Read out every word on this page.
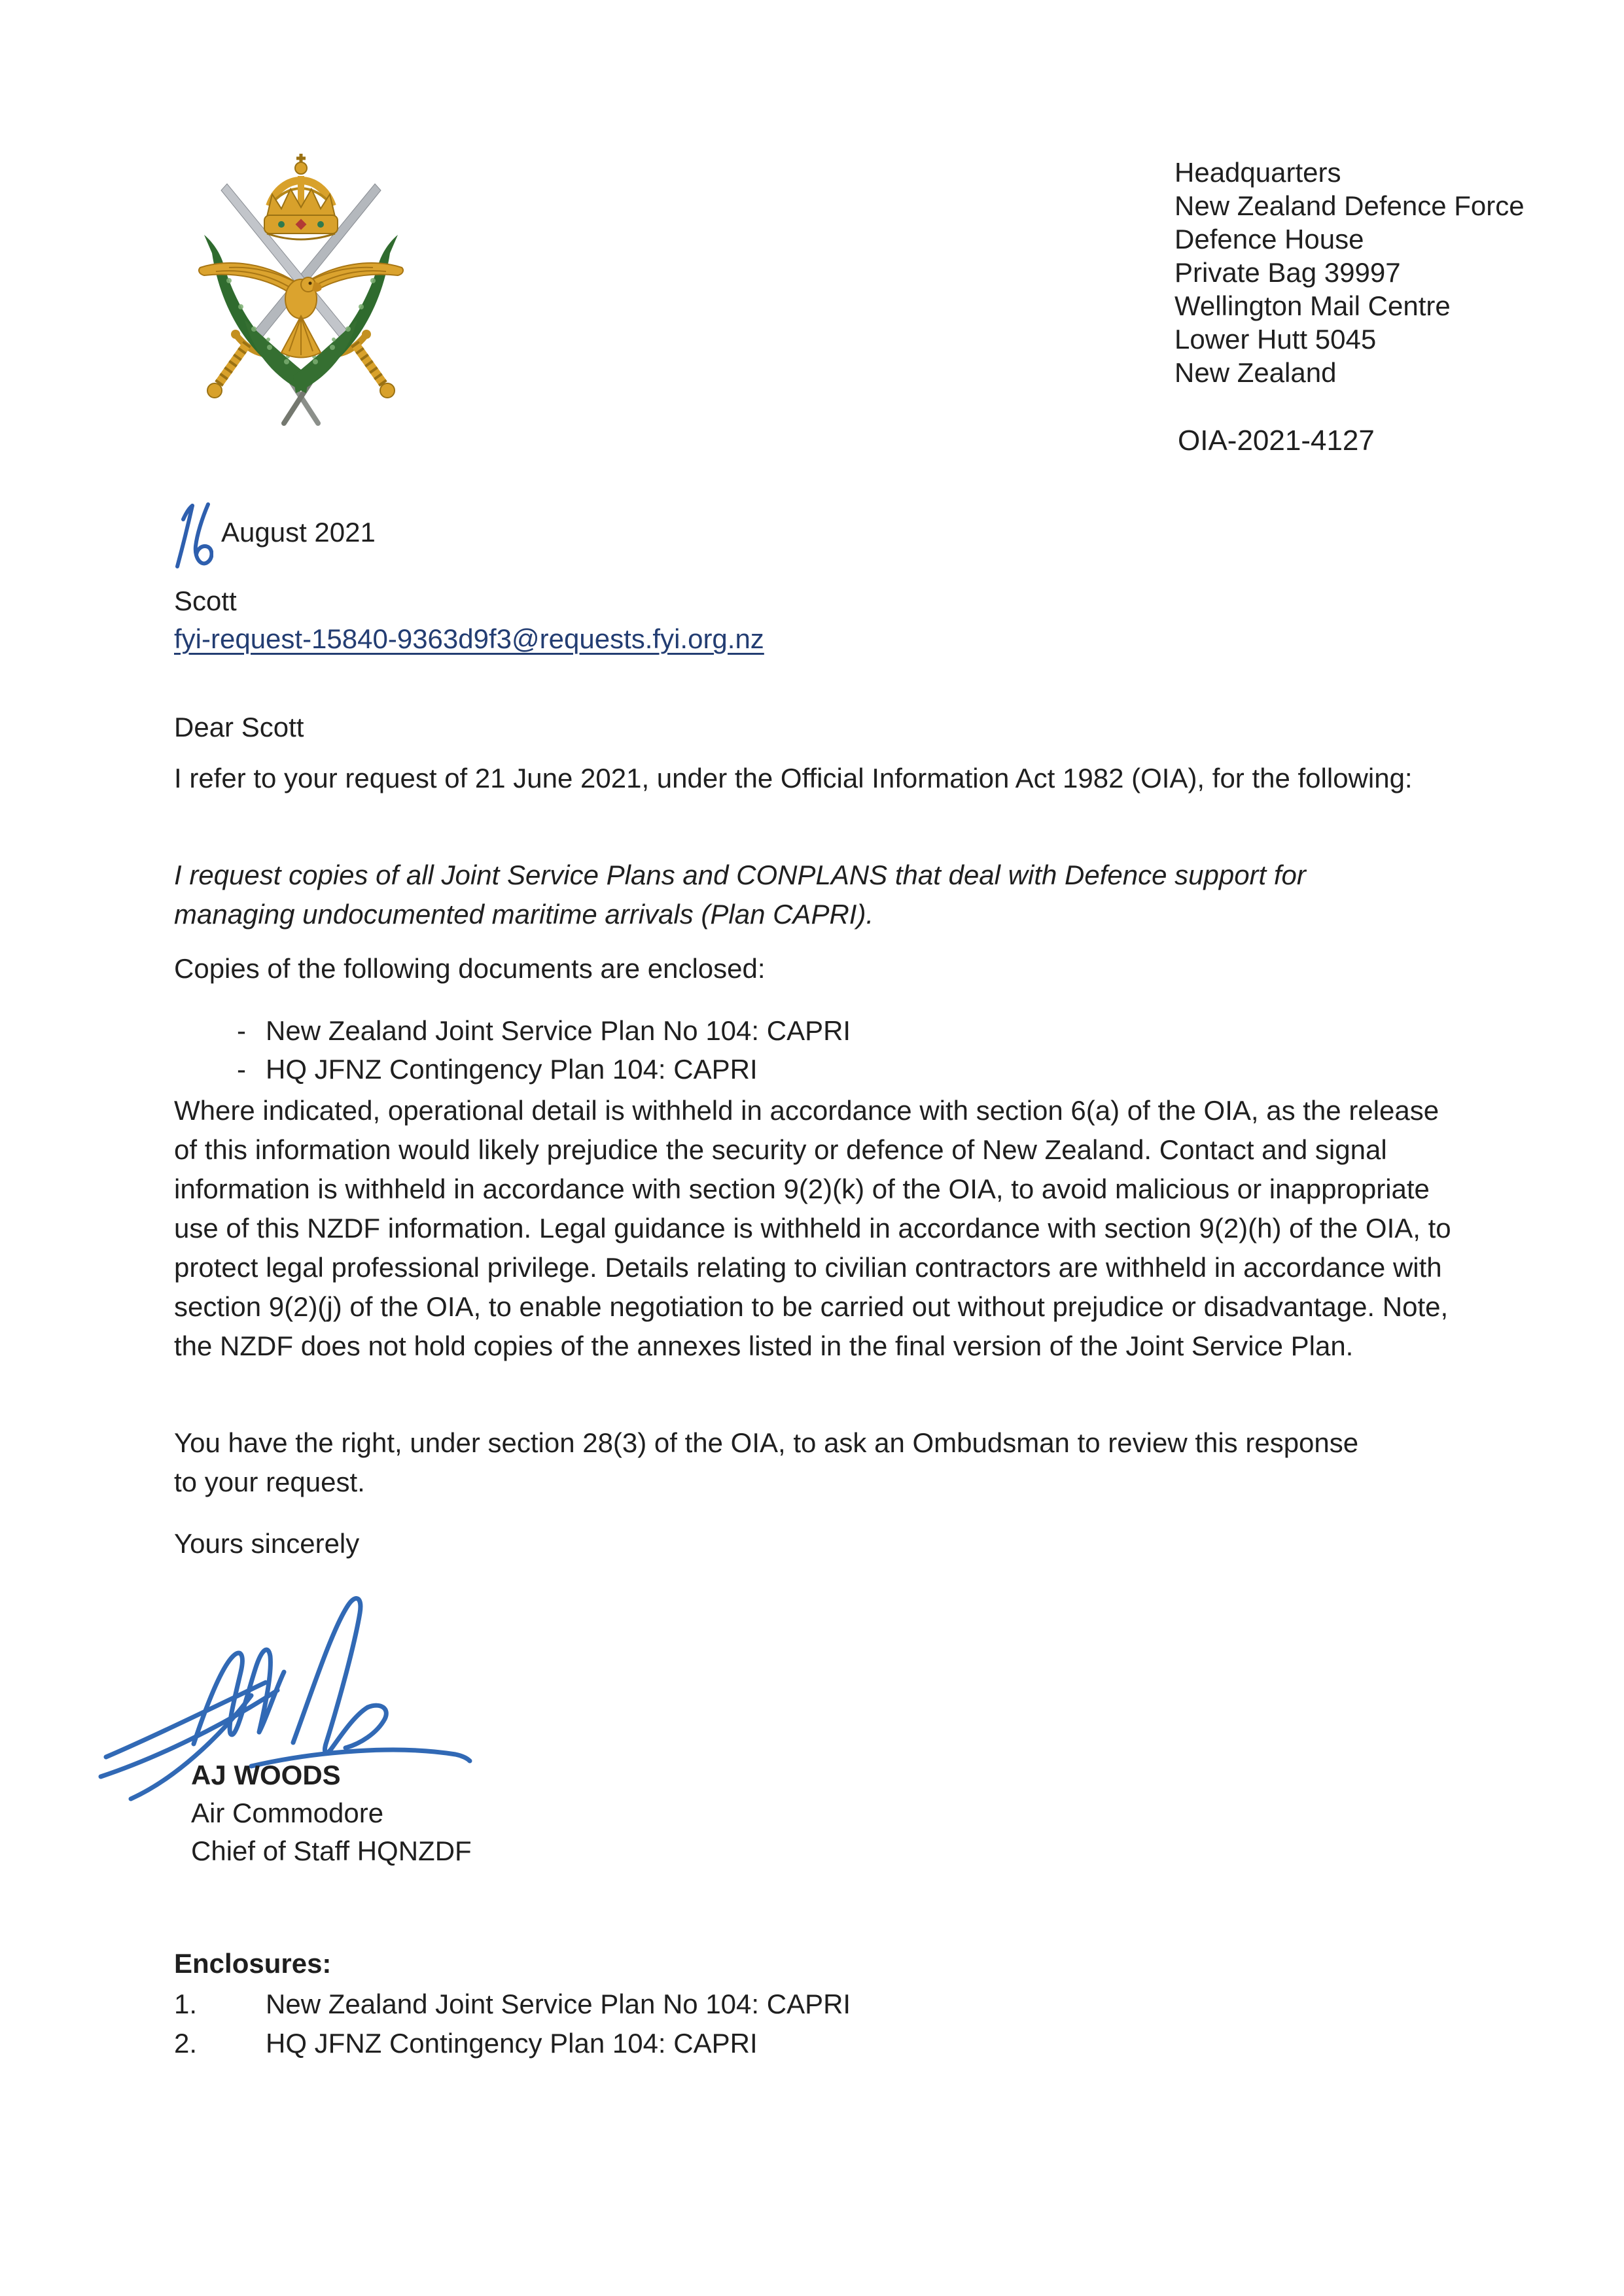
Headquarters
New Zealand Defence Force
Defence House
Private Bag 39997
Wellington Mail Centre
Lower Hutt 5045
New Zealand
OIA-2021-4127
August 2021
Scott
fyi-request-15840-9363d9f3@requests.fyi.org.nz
Dear Scott
I refer to your request of 21 June 2021, under the Official Information Act 1982 (OIA), for the following:
I request copies of all Joint Service Plans and CONPLANS that deal with Defence support for managing undocumented maritime arrivals (Plan CAPRI).
Copies of the following documents are enclosed:
- New Zealand Joint Service Plan No 104: CAPRI
- HQ JFNZ Contingency Plan 104: CAPRI
Where indicated, operational detail is withheld in accordance with section 6(a) of the OIA, as the release of this information would likely prejudice the security or defence of New Zealand. Contact and signal information is withheld in accordance with section 9(2)(k) of the OIA, to avoid malicious or inappropriate use of this NZDF information. Legal guidance is withheld in accordance with section 9(2)(h) of the OIA, to protect legal professional privilege. Details relating to civilian contractors are withheld in accordance with section 9(2)(j) of the OIA, to enable negotiation to be carried out without prejudice or disadvantage. Note, the NZDF does not hold copies of the annexes listed in the final version of the Joint Service Plan.
You have the right, under section 28(3) of the OIA, to ask an Ombudsman to review this response to your request.
Yours sincerely
AJ WOODS
Air Commodore
Chief of Staff HQNZDF
Enclosures:
1. New Zealand Joint Service Plan No 104: CAPRI
2. HQ JFNZ Contingency Plan 104: CAPRI
